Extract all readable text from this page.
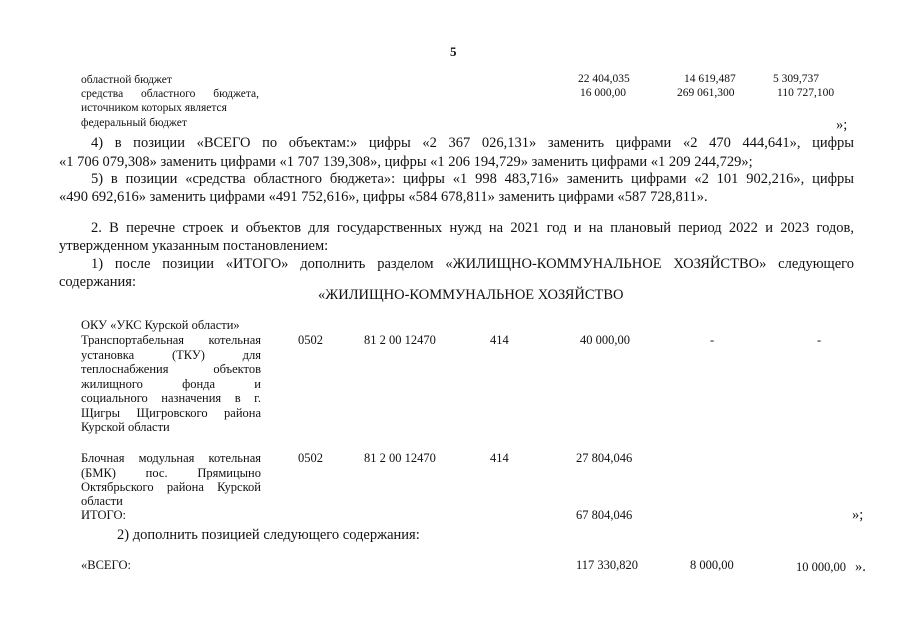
5
областной бюджет	22 404,035	14 619,487	5 309,737
средства областного бюджета,
источником которых является
федеральный бюджет
16 000,00	269 061,300	110 727,100
»;
4) в позиции «ВСЕГО по объектам:» цифры «2 367 026,131» заменить цифрами «2 470 444,641», цифры
«1 706 079,308» заменить цифрами «1 707 139,308», цифры «1 206 194,729» заменить цифрами «1 209 244,729»;
5) в позиции «средства областного бюджета»: цифры «1 998 483,716» заменить цифрами «2 101 902,216», цифры
«490 692,616» заменить цифрами «491 752,616», цифры «584 678,811» заменить цифрами «587 728,811».
2. В перечне строек и объектов для государственных нужд на 2021 год и на плановый период 2022 и 2023 годов,
утвержденном указанным постановлением:
1) после позиции «ИТОГО» дополнить разделом «ЖИЛИЩНО-КОММУНАЛЬНОЕ ХОЗЯЙСТВО» следующего
содержания:
«ЖИЛИЩНО-КОММУНАЛЬНОЕ ХОЗЯЙСТВО
ОКУ «УКС Курской области»
Транспортабельная котельная
установка (ТКУ) для
теплоснабжения объектов
жилищного фонда и
социального назначения в г.
Щигры Щигровского района
Курской области
0502	81 2 00 12470	414	40 000,00	-	-
Блочная модульная котельная
(БМК) пос. Прямицыно
Октябрьского района Курской
области
0502	81 2 00 12470	414	27 804,046
ИТОГО:	67 804,046	»;
2) дополнить позицией следующего содержания:
«ВСЕГО:	117 330,820	8 000,00	10 000,00 ».
